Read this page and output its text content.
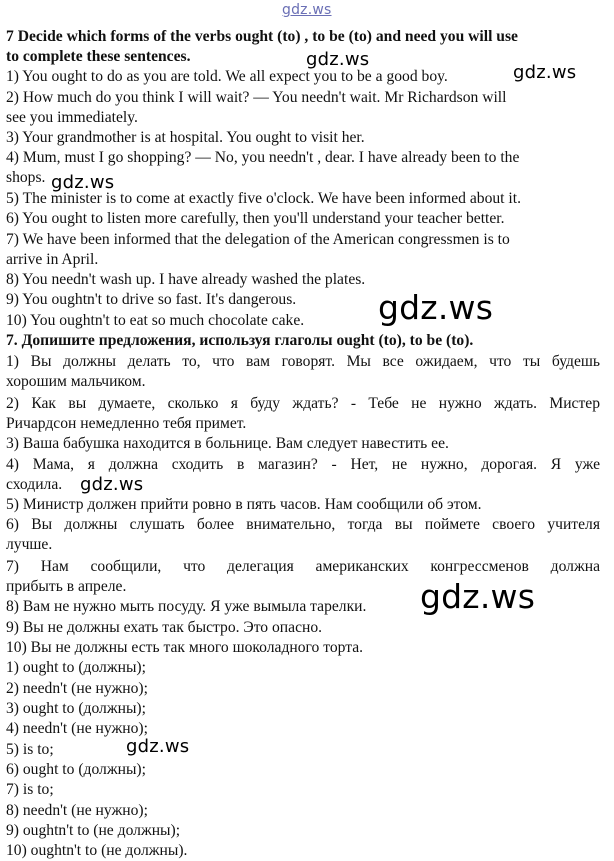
7 Decide which forms of the verbs ought (to) , to be (to) and need you will use
to complete these sentences.
1) You ought to do as you are told. We all expect you to be a good boy.
2) How much do you think I will wait? — You needn't wait. Mr Richardson will
see you immediately.
3) Your grandmother is at hospital. You ought to visit her.
4) Mum, must I go shopping? — No, you needn't , dear. I have already been to the
shops.
5) The minister is to come at exactly five o'clock. We have been informed about it.
6) You ought to listen more carefully, then you'll understand your teacher better.
7) We have been informed that the delegation of the American congressmen is to
arrive in April.
8) You needn't wash up. I have already washed the plates.
9) You oughtn't to drive so fast. It's dangerous.
10) You oughtn't to eat so much chocolate cake.
7. Допишите предложения, используя глаголы ought (to), to be (to).
1) Вы должны делать то, что вам говорят. Мы все ожидаем, что ты будешь
хорошим мальчиком.
2) Как вы думаете, сколько я буду ждать? - Тебе не нужно ждать. Мистер
Ричардсон немедленно тебя примет.
3) Ваша бабушка находится в больнице. Вам следует навестить ее.
4) Мама, я должна сходить в магазин? - Нет, не нужно, дорогая. Я уже
сходила.
5) Министр должен прийти ровно в пять часов. Нам сообщили об этом.
6) Вы должны слушать более внимательно, тогда вы поймете своего учителя
лучше.
7) Нам сообщили, что делегация американских конгрессменов должна
прибыть в апреле.
8) Вам не нужно мыть посуду. Я уже вымыла тарелки.
9) Вы не должны ехать так быстро. Это опасно.
10) Вы не должны есть так много шоколадного торта.
1) ought to (должны);
2) needn't (не нужно);
3) ought to (должны);
4) needn't (не нужно);
5) is to;
6) ought to (должны);
7) is to;
8) needn't (не нужно);
9) oughtn't to (не должны);
10) oughtn't to (не должны).
gdz.ws
gdz.ws
gdz.ws
gdz.ws
gdz.ws
gdz.ws
gdz.ws
gdz.ws
